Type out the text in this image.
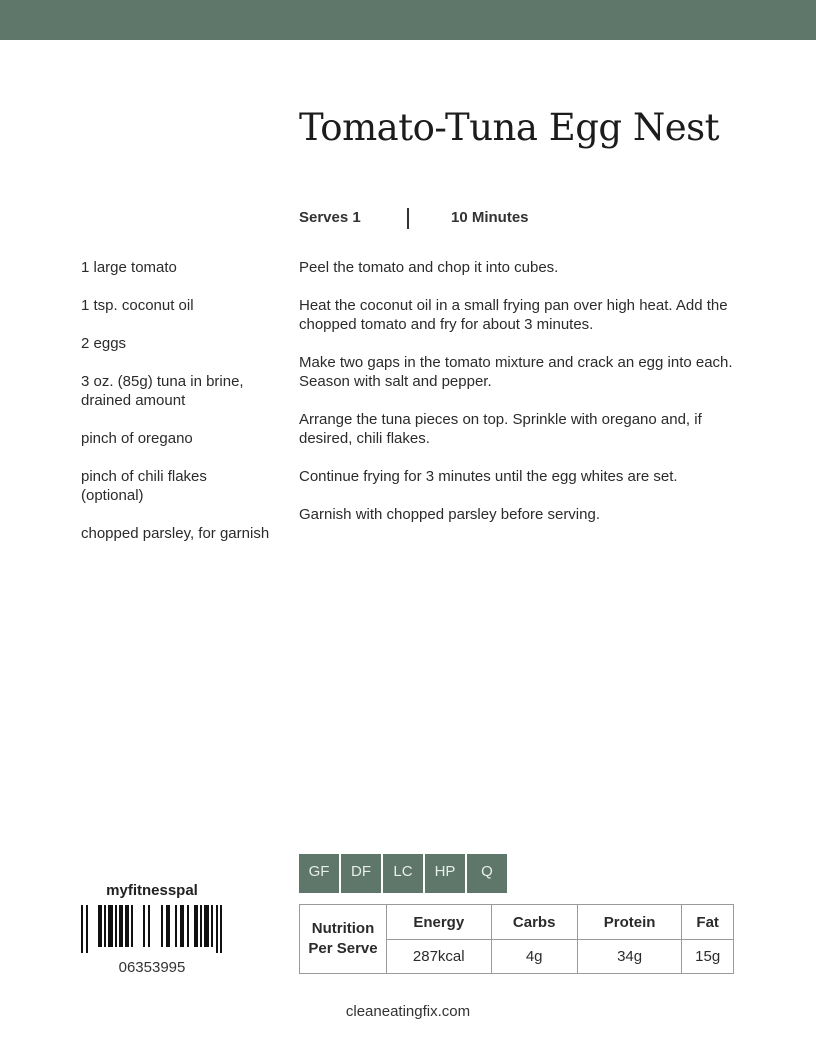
Tomato-Tuna Egg Nest
Serves 1	10 Minutes
1 large tomato
1 tsp. coconut oil
2 eggs
3 oz. (85g) tuna in brine, drained amount
pinch of oregano
pinch of chili flakes (optional)
chopped parsley, for garnish
Peel the tomato and chop it into cubes.
Heat the coconut oil in a small frying pan over high heat. Add the chopped tomato and fry for about 3 minutes.
Make two gaps in the tomato mixture and crack an egg into each. Season with salt and pepper.
Arrange the tuna pieces on top. Sprinkle with oregano and, if desired, chili flakes.
Continue frying for 3 minutes until the egg whites are set.
Garnish with chopped parsley before serving.
GF	DF	LC	HP	Q
myfitnesspal
06353995
Nutrition
Per Serve	Energy	Carbs	Protein	Fat
	287kcal	4g	34g	15g
cleaneatingfix.com
